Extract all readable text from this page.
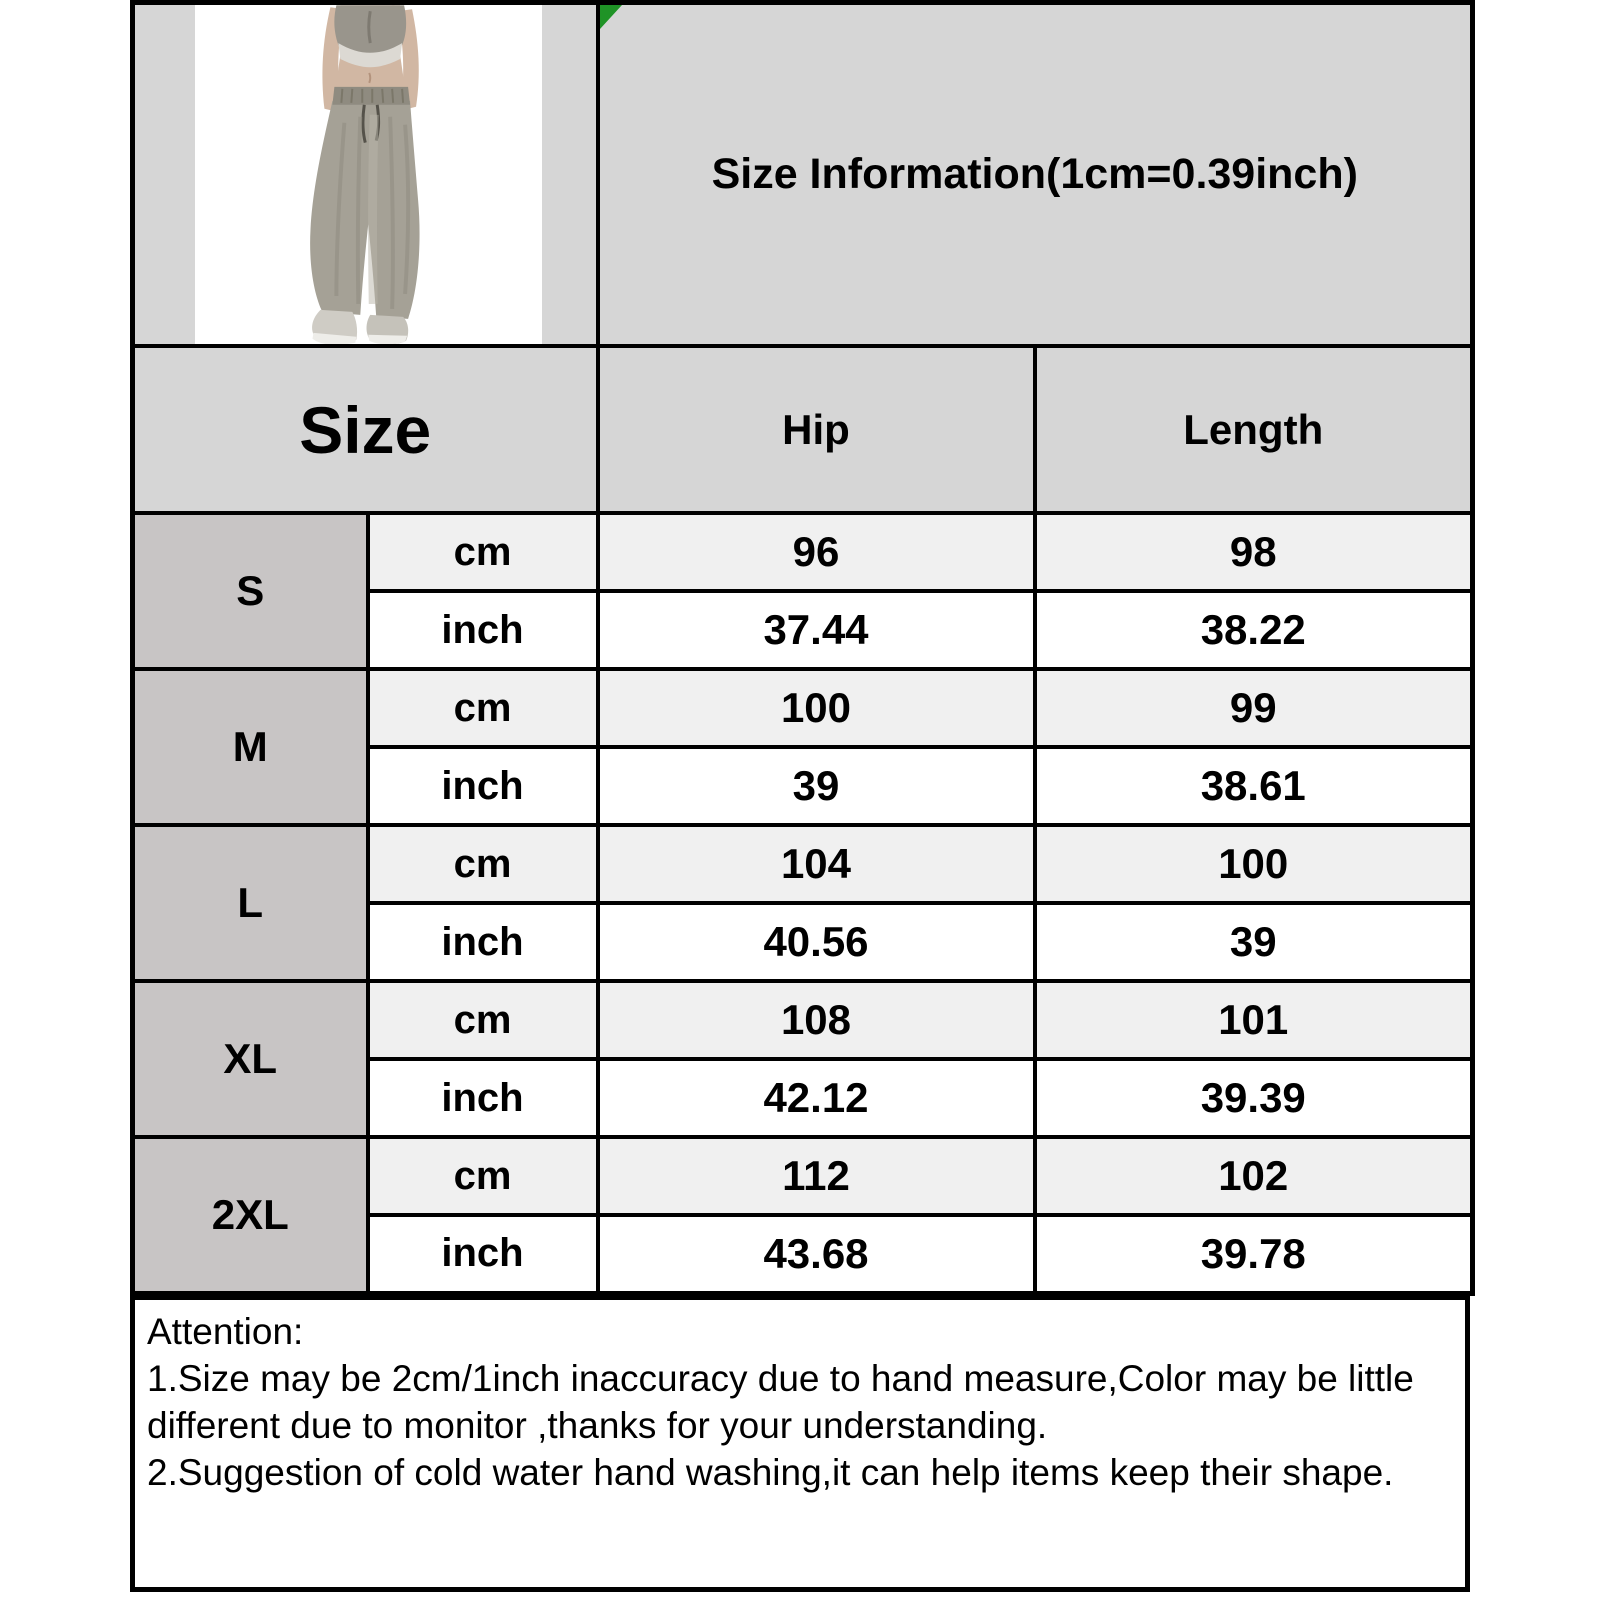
Size Information(1cm=0.39inch)	
Size		Hip	Length
S	cm	96	98
	inch	37.44	38.22
M	cm	100	99
	inch	39	38.61
L	cm	104	100
	inch	40.56	39
XL	cm	108	101
	inch	42.12	39.39
2XL	cm	112	102
	inch	43.68	39.78
Attention:
1.Size may be 2cm/1inch inaccuracy due to hand measure,Color may be little different due to monitor ,thanks for your understanding.
2.Suggestion of cold water hand washing,it can help items keep their shape.
